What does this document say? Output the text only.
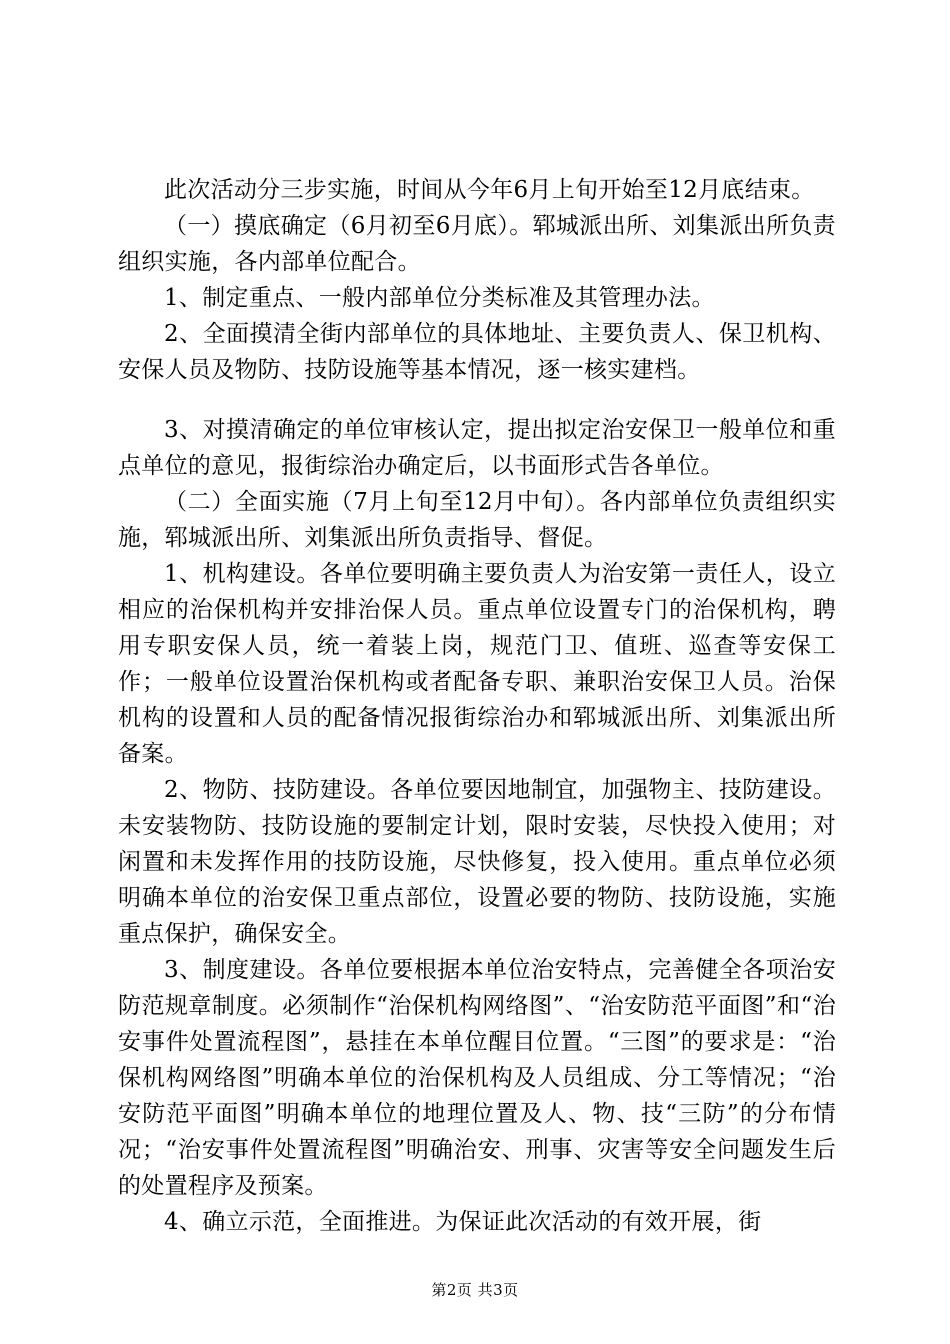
此次活动分三步实施，时间从今年6月上旬开始至12月底结束。

（一）摸底确定（6月初至6月底）。郓城派出所、刘集派出所负责组织实施，各内部单位配合。

1、制定重点、一般内部单位分类标准及其管理办法。

2、全面摸清全街内部单位的具体地址、主要负责人、保卫机构、安保人员及物防、技防设施等基本情况，逐一核实建档。

3、对摸清确定的单位审核认定，提出拟定治安保卫一般单位和重点单位的意见，报街综治办确定后，以书面形式告各单位。

（二）全面实施（7月上旬至12月中旬）。各内部单位负责组织实施，郓城派出所、刘集派出所负责指导、督促。

1、机构建设。各单位要明确主要负责人为治安第一责任人，设立相应的治保机构并安排治保人员。重点单位设置专门的治保机构，聘用专职安保人员，统一着装上岗，规范门卫、值班、巡查等安保工作；一般单位设置治保机构或者配备专职、兼职治安保卫人员。治保机构的设置和人员的配备情况报街综治办和郓城派出所、刘集派出所备案。

2、物防、技防建设。各单位要因地制宜，加强物主、技防建设。未安装物防、技防设施的要制定计划，限时安装，尽快投入使用；对闲置和未发挥作用的技防设施，尽快修复，投入使用。重点单位必须明确本单位的治安保卫重点部位，设置必要的物防、技防设施，实施重点保护，确保安全。

3、制度建设。各单位要根据本单位治安特点，完善健全各项治安防范规章制度。必须制作“治保机构网络图”、“治安防范平面图”和“治安事件处置流程图”，悬挂在本单位醒目位置。“三图”的要求是：“治保机构网络图”明确本单位的治保机构及人员组成、分工等情况；“治安防范平面图”明确本单位的地理位置及人、物、技“三防”的分布情况；“治安事件处置流程图”明确治安、刑事、灾害等安全问题发生后的处置程序及预案。

4、确立示范，全面推进。为保证此次活动的有效开展，街

第2页 共3页
